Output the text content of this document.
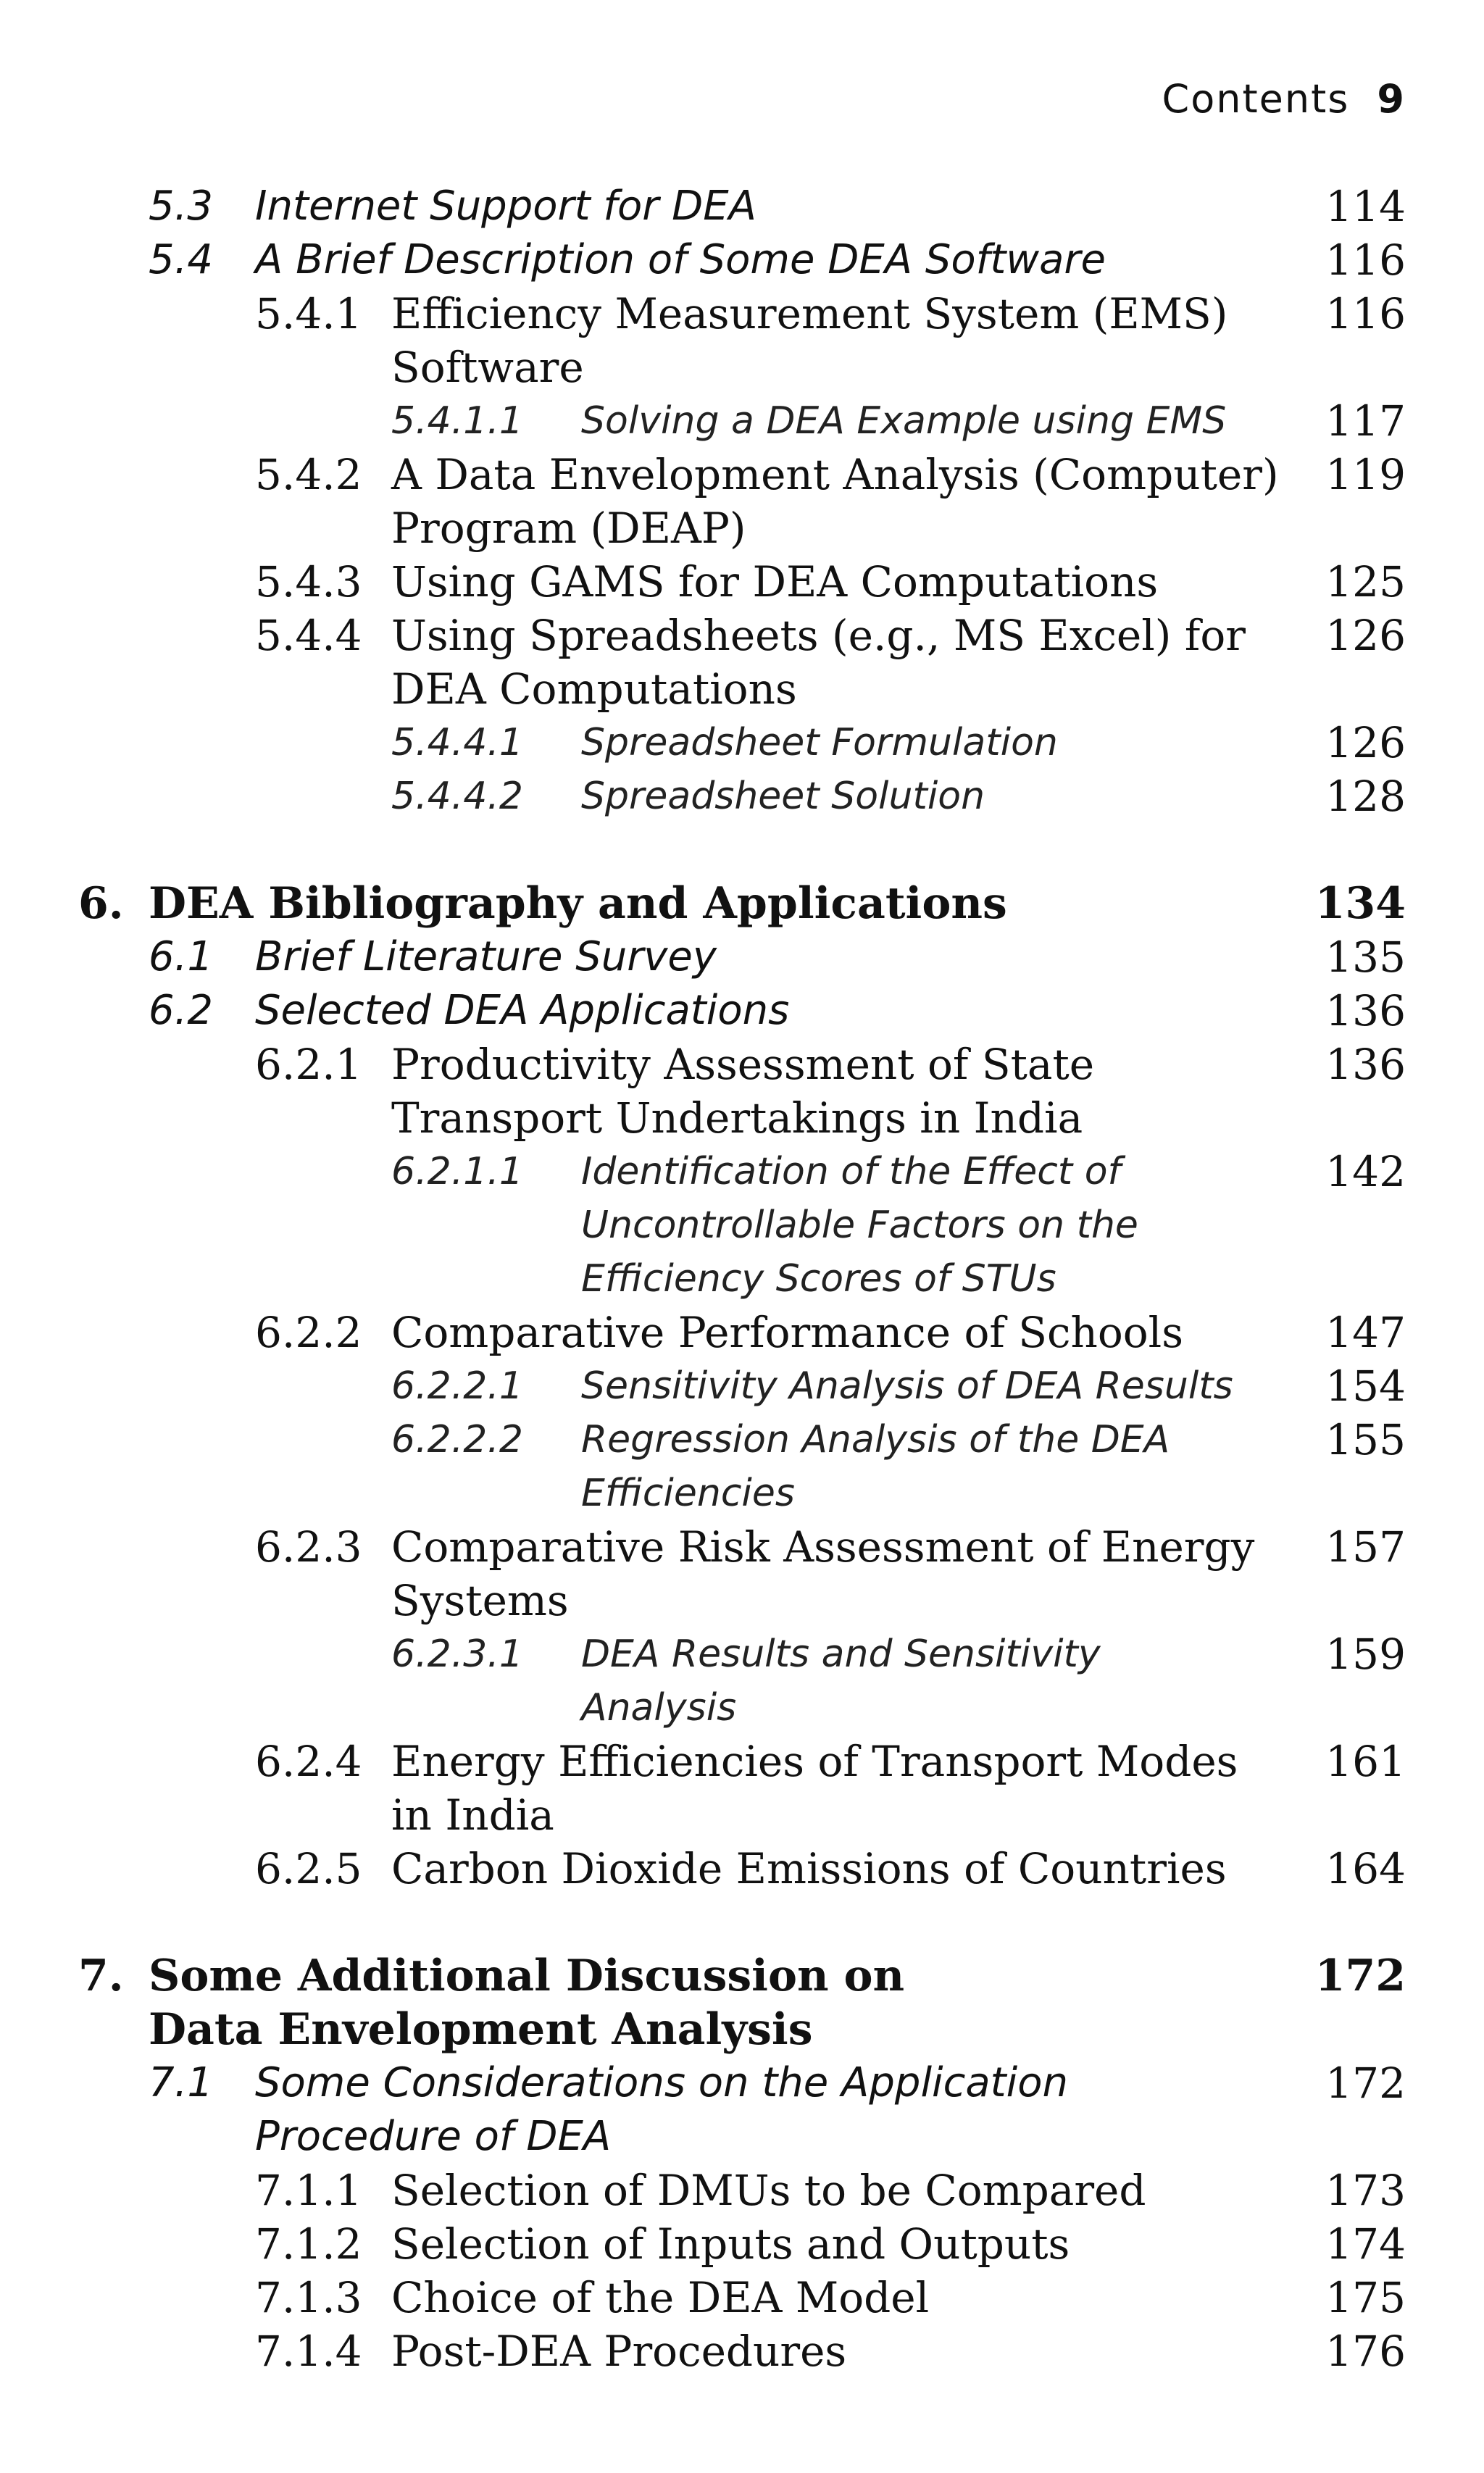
Contents 9
5.3 Internet Support for DEA	114
5.4 A Brief Description of Some DEA Software	116
5.4.1 Efficiency Measurement System (EMS) 116
Software
5.4.1.1 Solving a DEA Example using EMS 117
5.4.2 A Data Envelopment Analysis (Computer) 119
Program (DEAP)
5.4.3 Using GAMS for DEA Computations	125
5.4.4 Using Spreadsheets (e.g., MS Excel) for 126
DEA Computations
5.4.4.1 Spreadsheet Formulation	126
5.4.4.2 Spreadsheet Solution	128
6. DEA Bibliography and Applications	134
6.1 Brief Literature Survey	135
6.2 Selected DEA Applications	136
6.2.1 Productivity Assessment of State	136
Transport Undertakings in India
6.2.1.1 Identification of the Effect of	142
Uncontrollable Factors on the
Efficiency Scores of STUs
6.2.2 Comparative Performance of Schools	147
6.2.2.1 Sensitivity Analysis of DEA Results 154
6.2.2.2 Regression Analysis of the DEA	155
Efficiencies
6.2.3 Comparative Risk Assessment of Energy 157
Systems
6.2.3.1 DEA Results and Sensitivity	159
Analysis
6.2.4 Energy Efficiencies of Transport Modes 161
in India
6.2.5 Carbon Dioxide Emissions of Countries 164
7. Some Additional Discussion on	172
Data Envelopment Analysis
7.1 Some Considerations on the Application	172
Procedure of DEA
7.1.1 Selection of DMUs to be Compared	173
7.1.2 Selection of Inputs and Outputs	174
7.1.3 Choice of the DEA Model	175
7.1.4 Post-DEA Procedures	176
